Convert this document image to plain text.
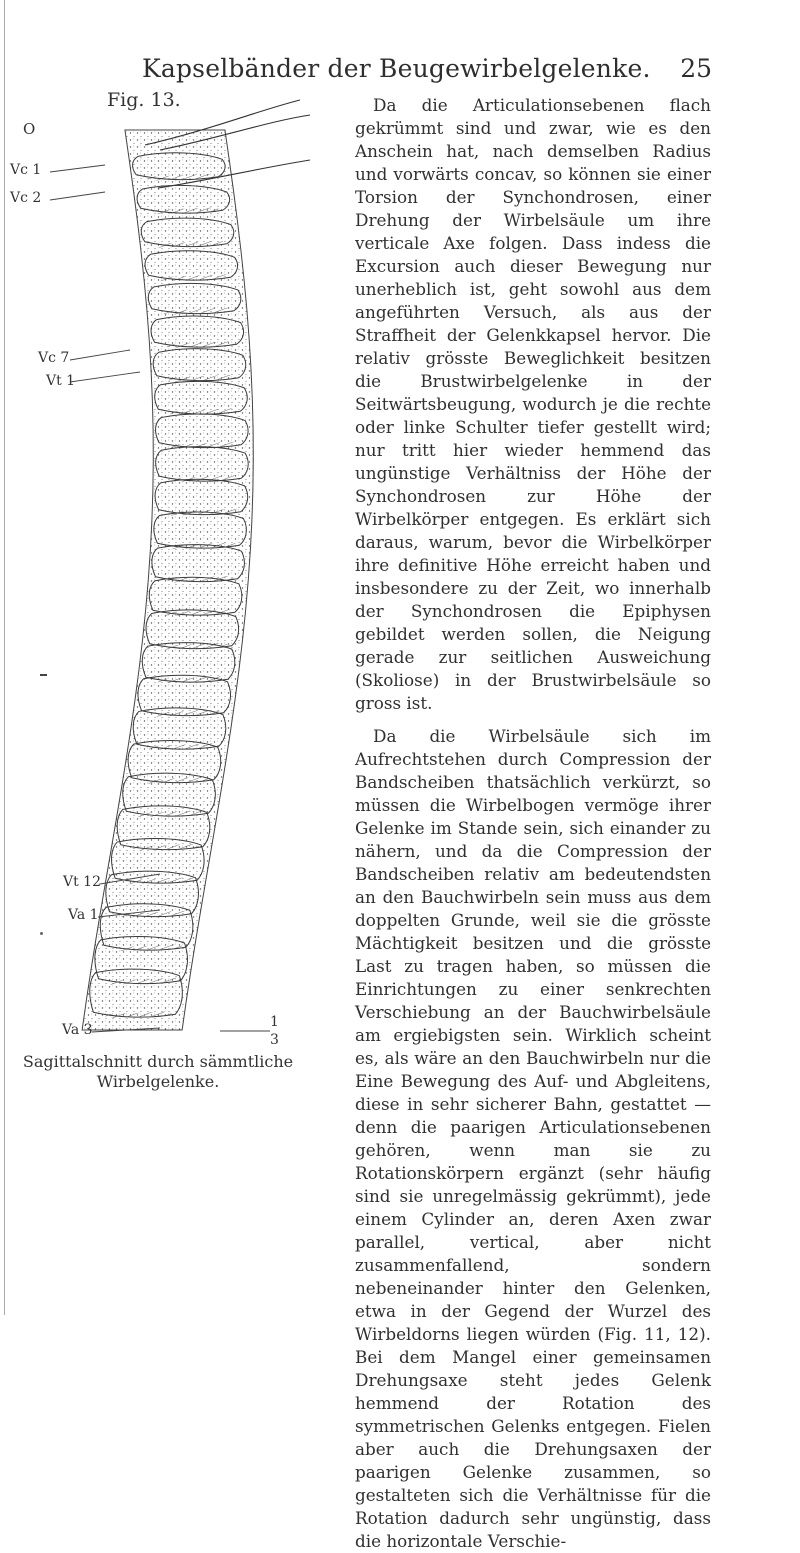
Kapselbänder der Beugewirbelgelenke. 25
Fig. 13.
O
Vc 1
Vc 2
Vc 7
Vt 1
Vt 12
Va 1
Va 3	1
3
Sagittalschnitt durch sämmtliche
Wirbelgelenke.

Da die Articulationsebenen flach gekrümmt sind und zwar, wie es den Anschein hat, nach demselben Radius und vorwärts concav, so können sie einer Torsion der Synchondrosen, einer Drehung der Wirbelsäule um ihre verticale Axe folgen. Dass indess die Excursion auch dieser Bewegung nur unerheblich ist, geht sowohl aus dem angeführten Versuch, als aus der Straffheit der Gelenkkapsel hervor. Die relativ grösste Beweglichkeit besitzen die Brustwirbelgelenke in der Seitwärtsbeugung, wodurch je die rechte oder linke Schulter tiefer gestellt wird; nur tritt hier wieder hemmend das ungünstige Verhältniss der Höhe der Synchondrosen zur Höhe der Wirbelkörper entgegen. Es erklärt sich daraus, warum, bevor die Wirbelkörper ihre definitive Höhe erreicht haben und insbesondere zu der Zeit, wo innerhalb der Synchondrosen die Epiphysen gebildet werden sollen, die Neigung gerade zur seitlichen Ausweichung (Skoliose) in der Brustwirbelsäule so gross ist.

Da die Wirbelsäule sich im Aufrechtstehen durch Compression der Bandscheiben thatsächlich verkürzt, so müssen die Wirbelbogen vermöge ihrer Gelenke im Stande sein, sich einander zu nähern, und da die Compression der Bandscheiben relativ am bedeutendsten an den Bauchwirbeln sein muss aus dem doppelten Grunde, weil sie die grösste Mächtigkeit besitzen und die grösste Last zu tragen haben, so müssen die Einrichtungen zu einer senkrechten Verschiebung an der Bauchwirbelsäule am ergiebigsten sein. Wirklich scheint es, als wäre an den Bauchwirbeln nur die Eine Bewegung des Auf- und Abgleitens, diese in sehr sicherer Bahn, gestattet — denn die paarigen Articulationsebenen gehören, wenn man sie zu Rotationskörpern ergänzt (sehr häufig sind sie unregelmässig gekrümmt), jede einem Cylinder an, deren Axen zwar parallel, vertical, aber nicht zusammenfallend, sondern nebeneinander hinter den Gelenken, etwa in der Gegend der Wurzel des Wirbeldorns liegen würden (Fig. 11, 12). Bei dem Mangel einer gemeinsamen Drehungsaxe steht jedes Gelenk hemmend der Rotation des symmetrischen Gelenks entgegen. Fielen aber auch die Drehungsaxen der paarigen Gelenke zusammen, so gestalteten sich die Verhältnisse für die Rotation dadurch sehr ungünstig, dass die horizontale Verschie-
